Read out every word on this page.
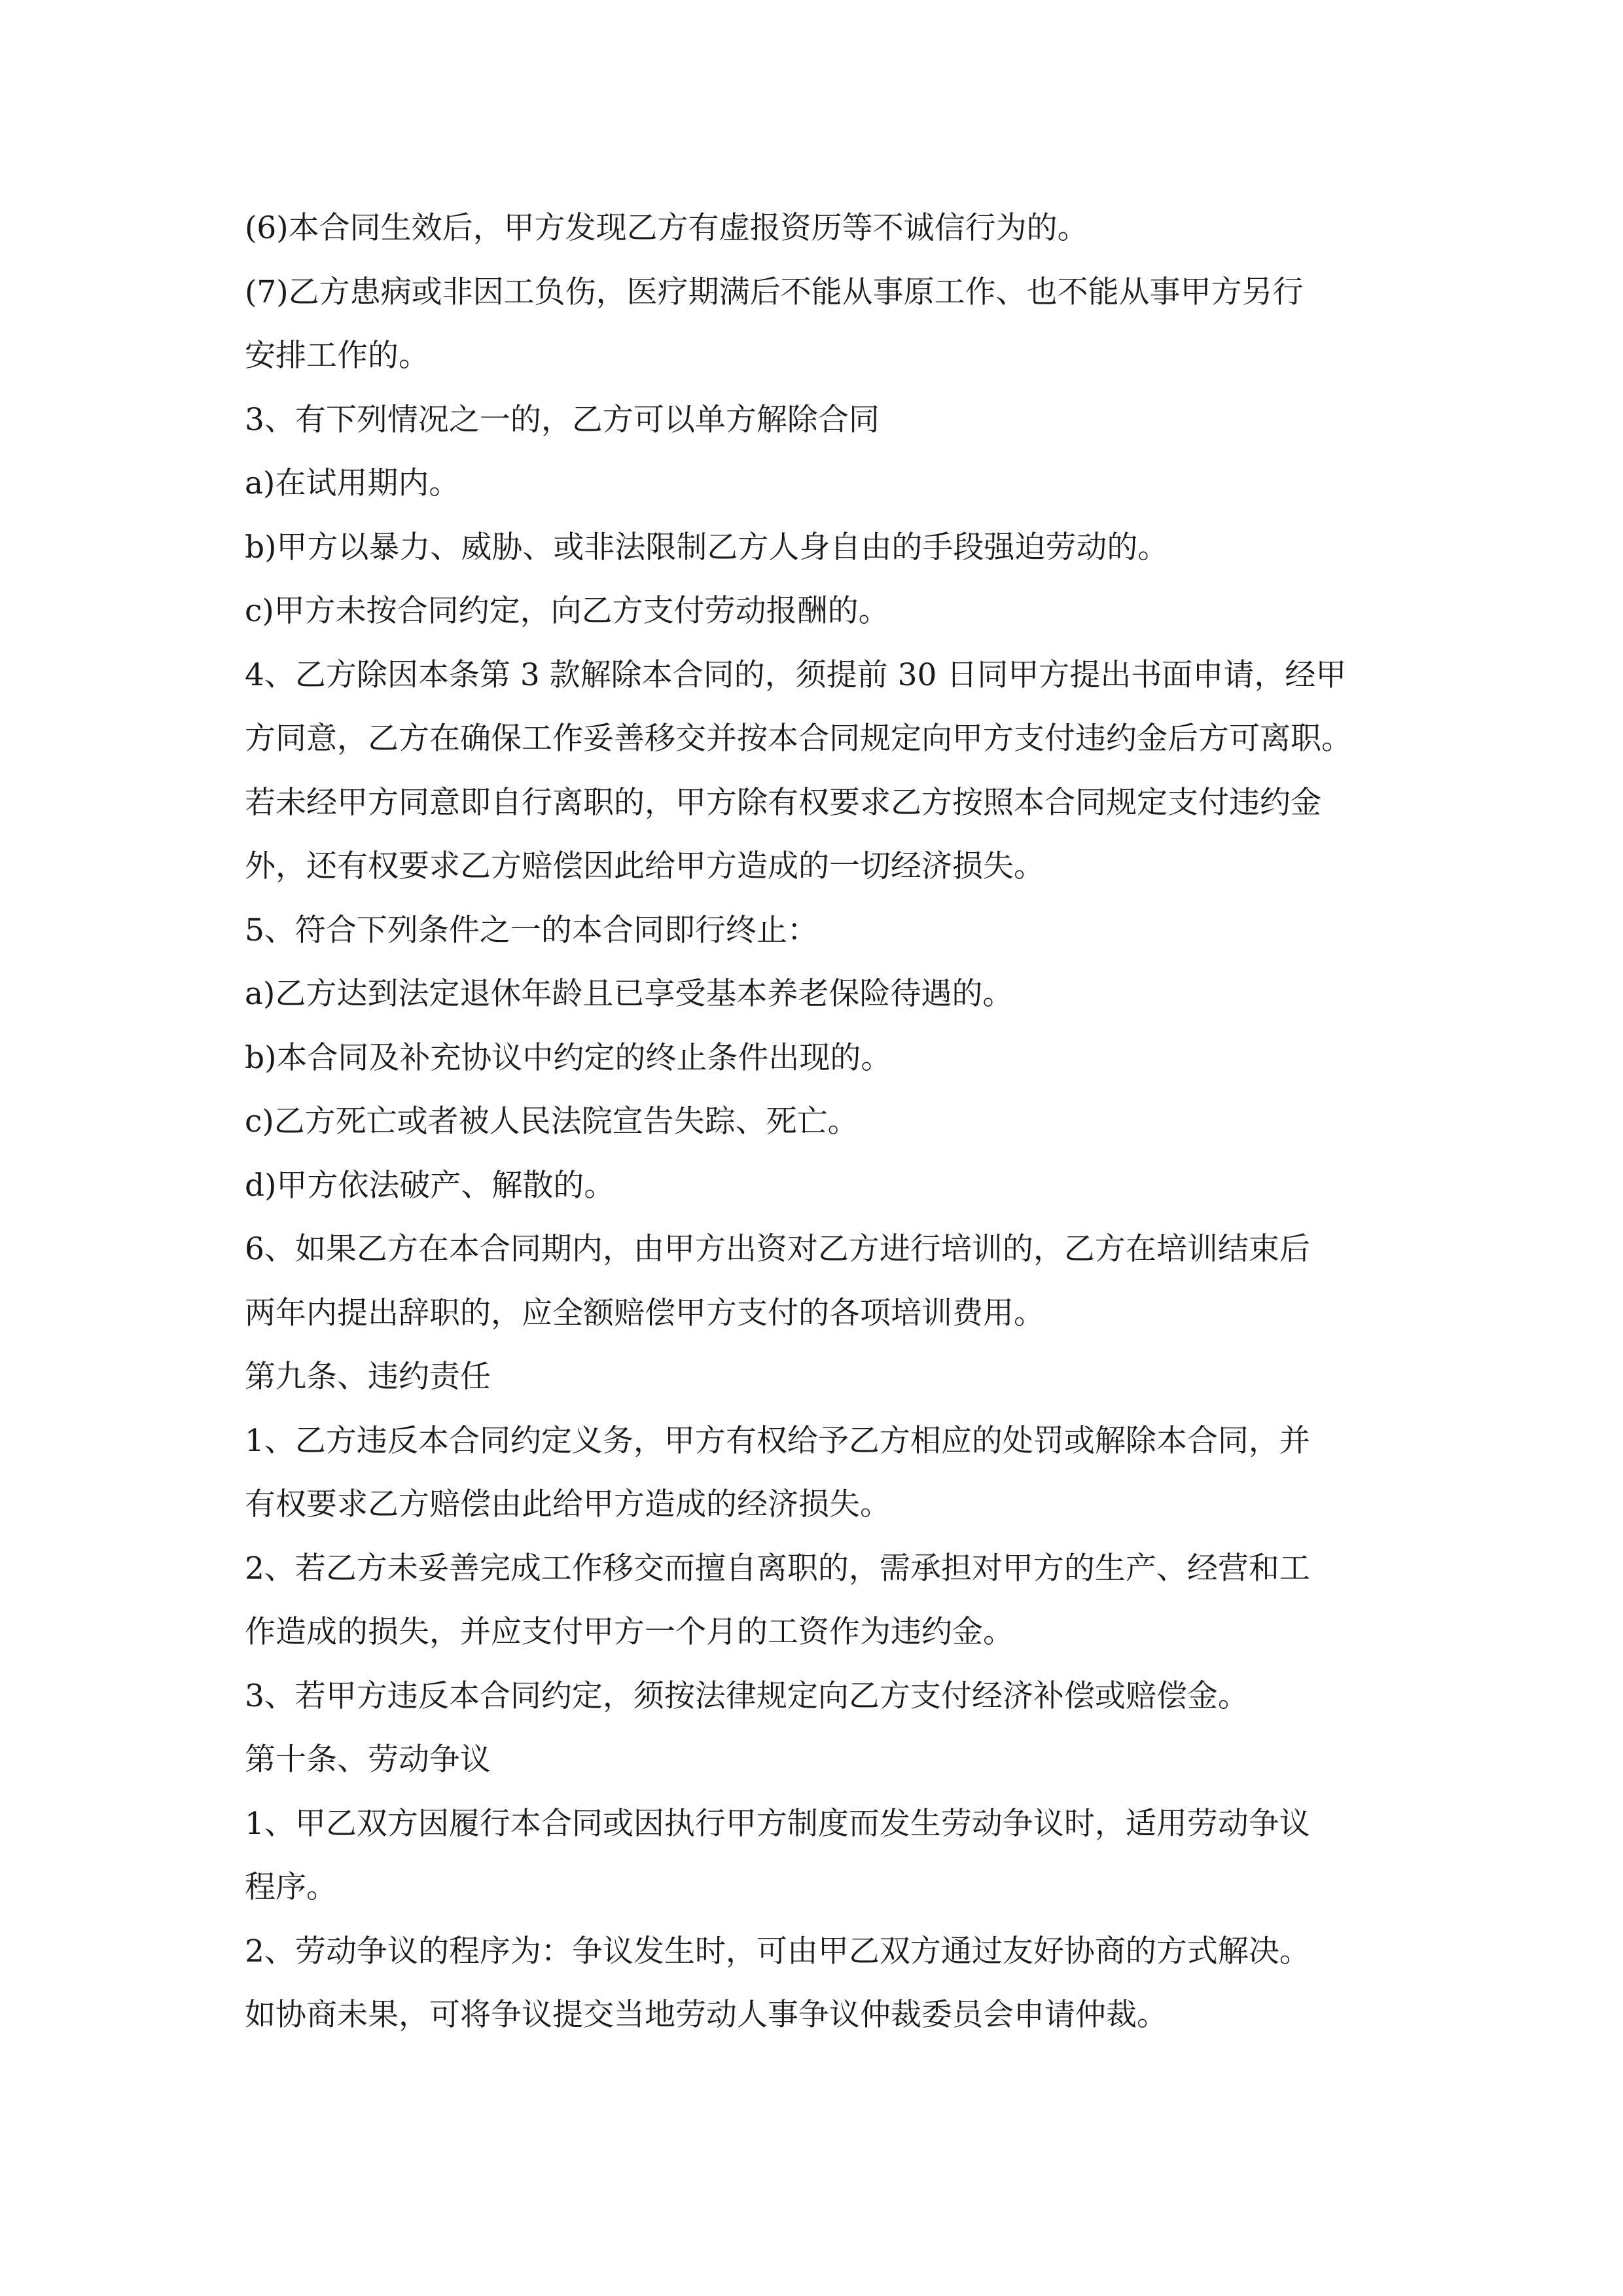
(6)本合同生效后，甲方发现乙方有虚报资历等不诚信行为的。
(7)乙方患病或非因工负伤，医疗期满后不能从事原工作、也不能从事甲方另行
安排工作的。
3、有下列情况之一的，乙方可以单方解除合同
a)在试用期内。
b)甲方以暴力、威胁、或非法限制乙方人身自由的手段强迫劳动的。
c)甲方未按合同约定，向乙方支付劳动报酬的。
4、乙方除因本条第 3 款解除本合同的，须提前 30 日同甲方提出书面申请，经甲
方同意，乙方在确保工作妥善移交并按本合同规定向甲方支付违约金后方可离职。
若未经甲方同意即自行离职的，甲方除有权要求乙方按照本合同规定支付违约金
外，还有权要求乙方赔偿因此给甲方造成的一切经济损失。
5、符合下列条件之一的本合同即行终止：
a)乙方达到法定退休年龄且已享受基本养老保险待遇的。
b)本合同及补充协议中约定的终止条件出现的。
c)乙方死亡或者被人民法院宣告失踪、死亡。
d)甲方依法破产、解散的。
6、如果乙方在本合同期内，由甲方出资对乙方进行培训的，乙方在培训结束后
两年内提出辞职的，应全额赔偿甲方支付的各项培训费用。
第九条、违约责任
1、乙方违反本合同约定义务，甲方有权给予乙方相应的处罚或解除本合同，并
有权要求乙方赔偿由此给甲方造成的经济损失。
2、若乙方未妥善完成工作移交而擅自离职的，需承担对甲方的生产、经营和工
作造成的损失，并应支付甲方一个月的工资作为违约金。
3、若甲方违反本合同约定，须按法律规定向乙方支付经济补偿或赔偿金。
第十条、劳动争议
1、甲乙双方因履行本合同或因执行甲方制度而发生劳动争议时，适用劳动争议
程序。
2、劳动争议的程序为：争议发生时，可由甲乙双方通过友好协商的方式解决。
如协商未果，可将争议提交当地劳动人事争议仲裁委员会申请仲裁。
